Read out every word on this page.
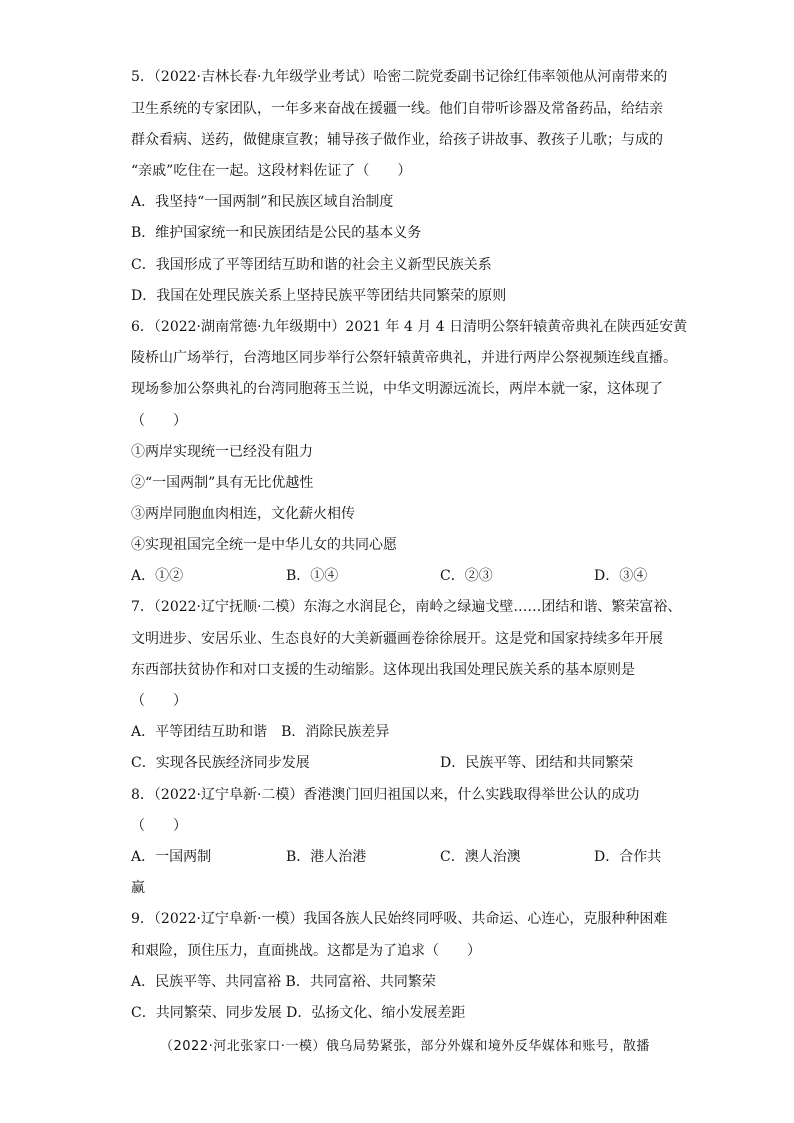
5．（2022·吉林长春·九年级学业考试）哈密二院党委副书记徐红伟率领他从河南带来的
卫生系统的专家团队，一年多来奋战在援疆一线。他们自带听诊器及常备药品，给结亲
群众看病、送药，做健康宣教；辅导孩子做作业，给孩子讲故事、教孩子儿歌；与成的
“亲戚”吃住在一起。这段材料佐证了（　　）
A．我坚持“一国两制”和民族区域自治制度
B．维护国家统一和民族团结是公民的基本义务
C．我国形成了平等团结互助和谐的社会主义新型民族关系
D．我国在处理民族关系上坚持民族平等团结共同繁荣的原则
6．（2022·湖南常德·九年级期中）2021 年 4 月 4 日清明公祭轩辕黄帝典礼在陕西延安黄
陵桥山广场举行，台湾地区同步举行公祭轩辕黄帝典礼，并进行两岸公祭视频连线直播。
现场参加公祭典礼的台湾同胞蒋玉兰说，中华文明源远流长，两岸本就一家，这体现了
（　　）
①两岸实现统一已经没有阻力
②“一国两制”具有无比优越性
③两岸同胞血肉相连，文化薪火相传
④实现祖国完全统一是中华儿女的共同心愿
A．①②	B．①④	C．②③	D．③④
7．（2022·辽宁抚顺·二模）东海之水润昆仑，南岭之绿遍戈壁……团结和谐、繁荣富裕、
文明进步、安居乐业、生态良好的大美新疆画卷徐徐展开。这是党和国家持续多年开展
东西部扶贫协作和对口支援的生动缩影。这体现出我国处理民族关系的基本原则是
（　　）
A．平等团结互助和谐　B．消除民族差异
C．实现各民族经济同步发展	D．民族平等、团结和共同繁荣
8．（2022·辽宁阜新·二模）香港澳门回归祖国以来，什么实践取得举世公认的成功
（　　）
A．一国两制	B．港人治港	C．澳人治澳	D．合作共
赢
9．（2022·辽宁阜新·一模）我国各族人民始终同呼吸、共命运、心连心，克服种种困难
和艰险，顶住压力，直面挑战。这都是为了追求（　　）
A．民族平等、共同富裕 B．共同富裕、共同繁荣
C．共同繁荣、同步发展 D．弘扬文化、缩小发展差距
（2022·河北张家口·一模）俄乌局势紧张，部分外媒和境外反华媒体和账号，散播
